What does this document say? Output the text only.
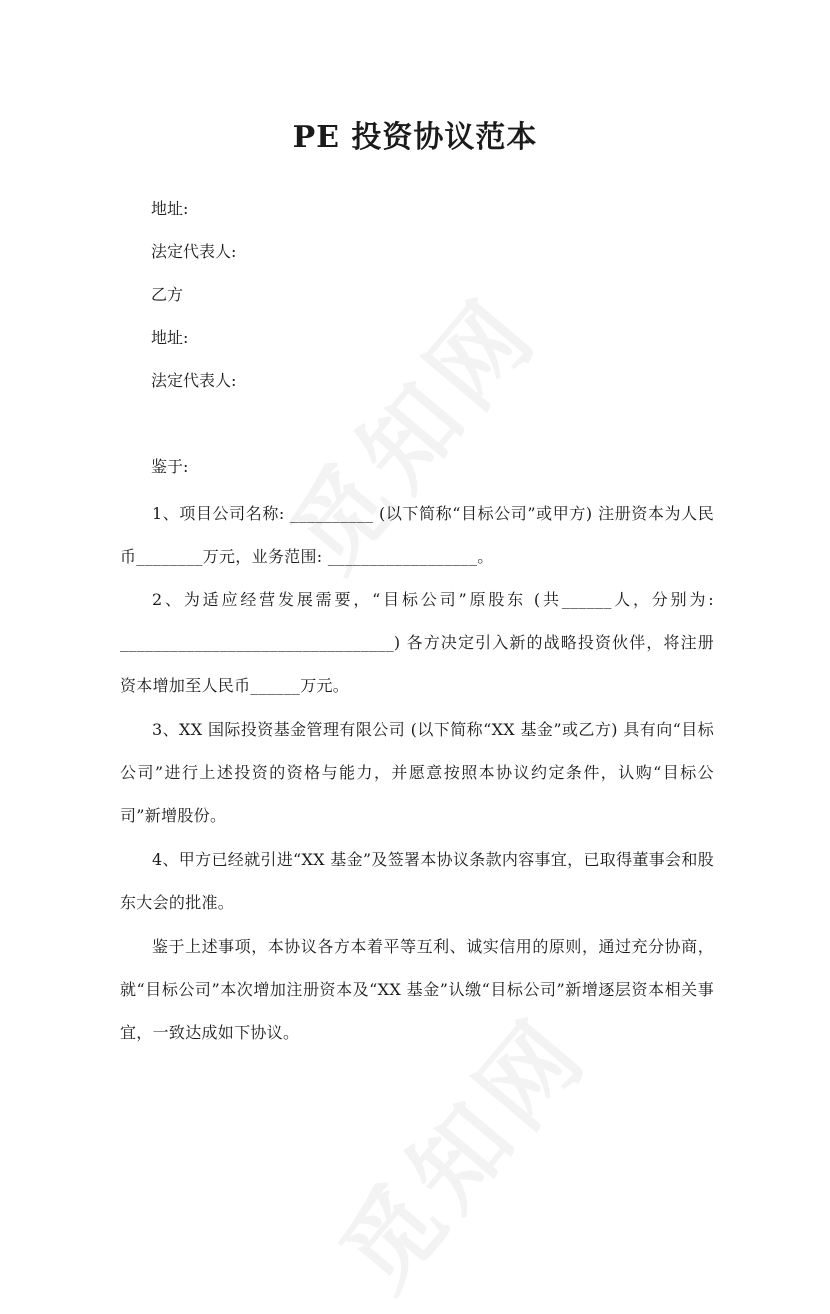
PE 投资协议范本
地址:
法定代表人:
乙方
地址:
法定代表人:
鉴于:

1、项目公司名称: __________ (以下简称“目标公司”或甲方) 注册资本为人民币________万元，业务范围: __________________。

2、为适应经营发展需要，“目标公司”原股东 (共______人，分别为: _________________________________) 各方决定引入新的战略投资伙伴，将注册资本增加至人民币______万元。

3、XX 国际投资基金管理有限公司 (以下简称“XX 基金”或乙方) 具有向“目标公司”进行上述投资的资格与能力，并愿意按照本协议约定条件，认购“目标公司”新增股份。

4、甲方已经就引进“XX 基金”及签署本协议条款内容事宜，已取得董事会和股东大会的批准。

鉴于上述事项，本协议各方本着平等互利、诚实信用的原则，通过充分协商，就“目标公司”本次增加注册资本及“XX 基金”认缴“目标公司”新增逐层资本相关事宜，一致达成如下协议。
